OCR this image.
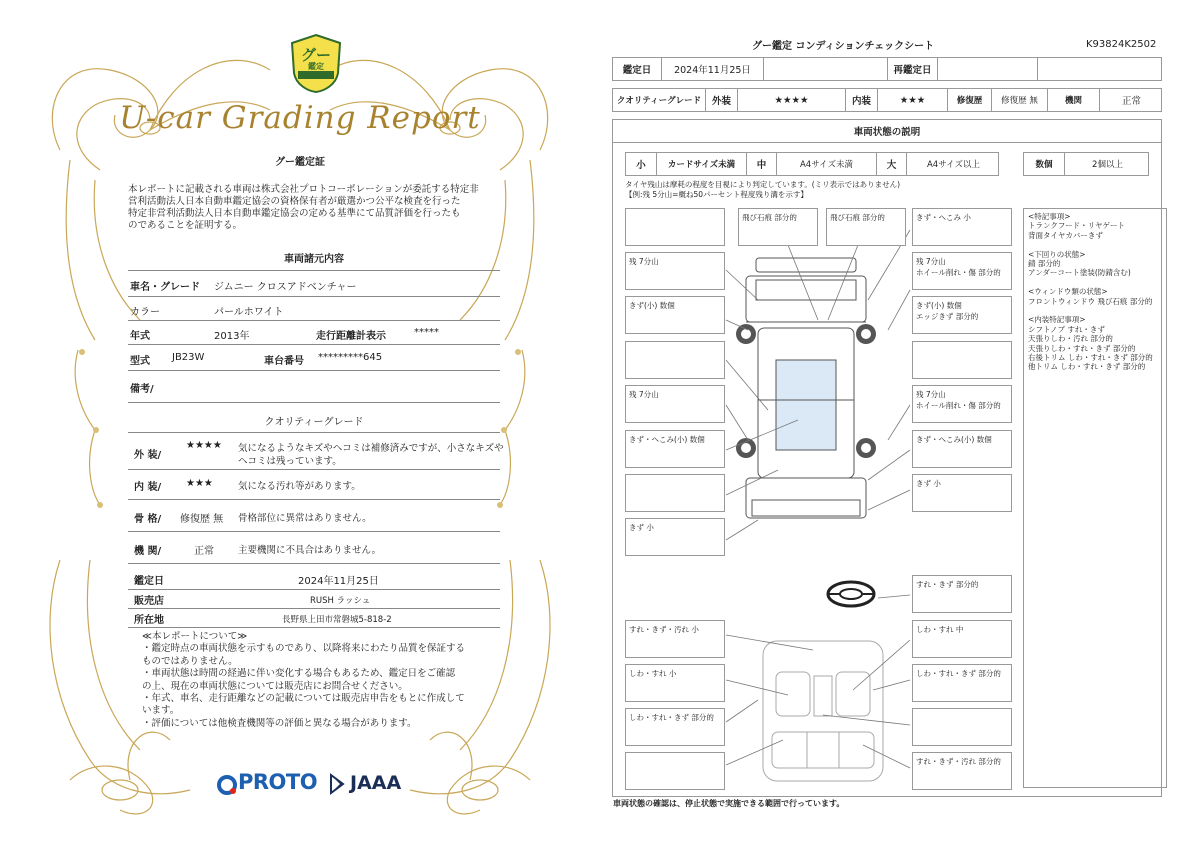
グー
鑑定
U-car Grading Report
グー鑑定証
本レポートに記載される車両は株式会社プロトコーポレーションが委託する特定非
営利活動法人日本自動車鑑定協会の資格保有者が厳選かつ公平な検査を行った
特定非営利活動法人日本自動車鑑定協会の定める基準にて品質評価を行ったも
のであることを証明する。
車両諸元内容
車名・グレード ジムニー クロスアドベンチャー
カラー	パールホワイト
年式	2013年	走行距離計表示	*****
型式 JB23W	車台番号 *********645
備考/
クオリティーグレード
外 装/
★★★★ 気になるようなキズやヘコミは補修済みですが、小さなキズや
ヘコミは残っています。
内 装/ ★★★	気になる汚れ等があります。
骨 格/ 修復歴 無 骨格部位に異常はありません。
機 関/	正常	主要機関に不具合はありません。
鑑定日	2024年11月25日
販売店	RUSH ラッシュ
所在地	長野県上田市常磐城5-818-2
≪本レポートについて≫
・鑑定時点の車両状態を示すものであり、以降将来にわたり品質を保証する
ものではありません。
・車両状態は時間の経過に伴い変化する場合もあるため、鑑定日をご確認
の上、現在の車両状態については販売店にお問合せください。
・年式、車名、走行距離などの記載については販売店申告をもとに作成して
います。
・評価については他検査機関等の評価と異なる場合があります。
PROTO JAAA
グー鑑定 コンディションチェックシート	K93824K2502
鑑定日	2024年11月25日	再鑑定日
クオリティーグレード	外装	★★★★	内装	★★★	修復歴	修復歴 無	機関	正常
車両状態の説明
小	カードサイズ未満	中	A4サイズ未満	大	A4サイズ以上	数個	2個以上
タイヤ残山は摩耗の程度を目視により判定しています。(ミリ表示ではありません)
【例:残 5分山=概ね50パーセント程度残り溝を示す】
飛び石痕 部分的	飛び石痕 部分的	きず・へこみ 小
残 7分山	残 7分山
ホイール削れ・傷 部分的
きず(小) 数個	きず(小) 数個
エッジきず 部分的
残 7分山	残 7分山
ホイール削れ・傷 部分的
きず・へこみ(小) 数個	きず・へこみ(小) 数個
きず 小
きず 小
すれ・きず 部分的
すれ・きず・汚れ 小	しわ・すれ 中
しわ・すれ 小	しわ・すれ・きず 部分的
しわ・すれ・きず 部分的
すれ・きず・汚れ 部分的
<特記事項>
トランクフード・リヤゲート
背面タイヤカバーきず
<下回りの状態>
錆 部分的
アンダーコート塗装(防錆含む)
<ウィンドウ類の状態>
フロントウィンドウ 飛び石痕 部分的
<内装特記事項>
シフトノブ すれ・きず
天張りしわ・汚れ 部分的
天張りしわ・すれ・きず 部分的
右後トリム しわ・すれ・きず 部分的
他トリム しわ・すれ・きず 部分的
車両状態の確認は、停止状態で実施できる範囲で行っています。
